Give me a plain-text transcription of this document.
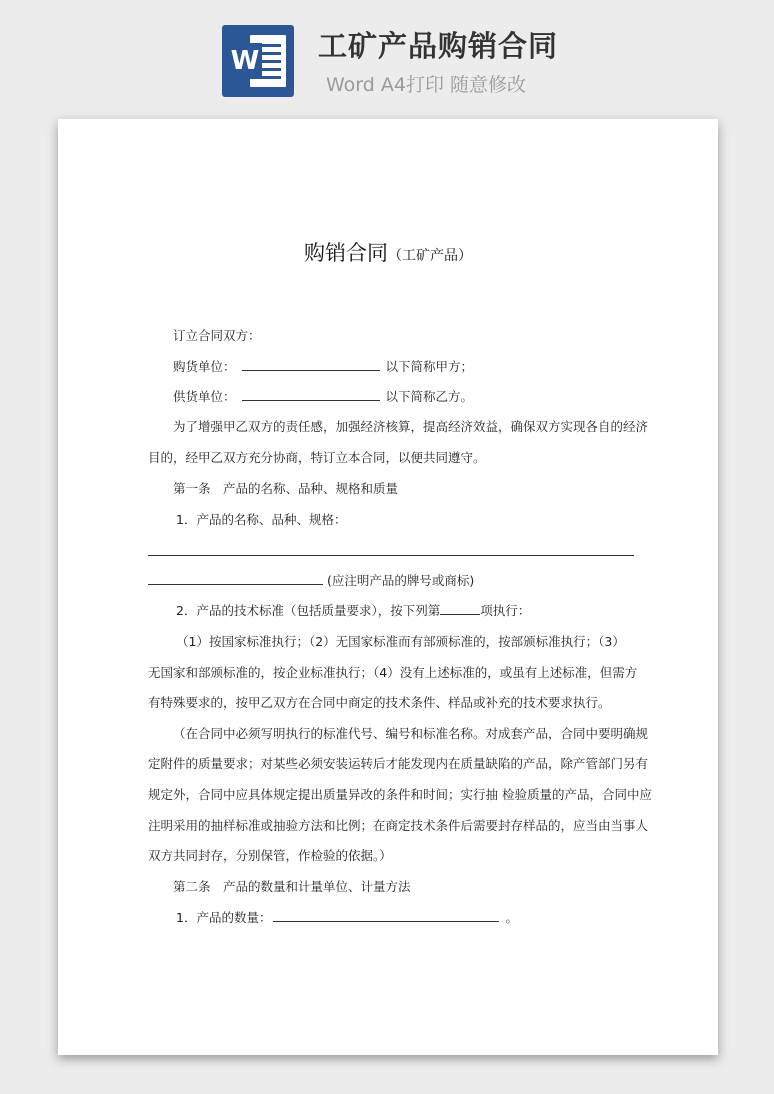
W 工矿产品购销合同
Word A4打印 随意修改
购销合同（工矿产品）
订立合同双方：
购货单位：	以下简称甲方；
供货单位：	以下简称乙方。
为了增强甲乙双方的责任感，加强经济核算，提高经济效益，确保双方实现各自的经济
目的，经甲乙双方充分协商，特订立本合同，以便共同遵守。
第一条　产品的名称、品种、规格和质量
1．产品的名称、品种、规格：
(应注明产品的牌号或商标)
2．产品的技术标准（包括质量要求），按下列第	项执行：
（1）按国家标准执行；（2）无国家标准而有部颁标准的，按部颁标准执行；（3）
无国家和部颁标准的，按企业标准执行；（4）没有上述标准的，或虽有上述标准，但需方
有特殊要求的，按甲乙双方在合同中商定的技术条件、样品或补充的技术要求执行。
（在合同中必须写明执行的标准代号、编号和标准名称。对成套产品，合同中要明确规
定附件的质量要求；对某些必须安装运转后才能发现内在质量缺陷的产品，除产管部门另有
规定外，合同中应具体规定提出质量异改的条件和时间；实行抽 检验质量的产品，合同中应
注明采用的抽样标准或抽验方法和比例；在商定技术条件后需要封存样品的，应当由当事人
双方共同封存，分别保管，作检验的依据。）
第二条　产品的数量和计量单位、计量方法
1．产品的数量：	。
